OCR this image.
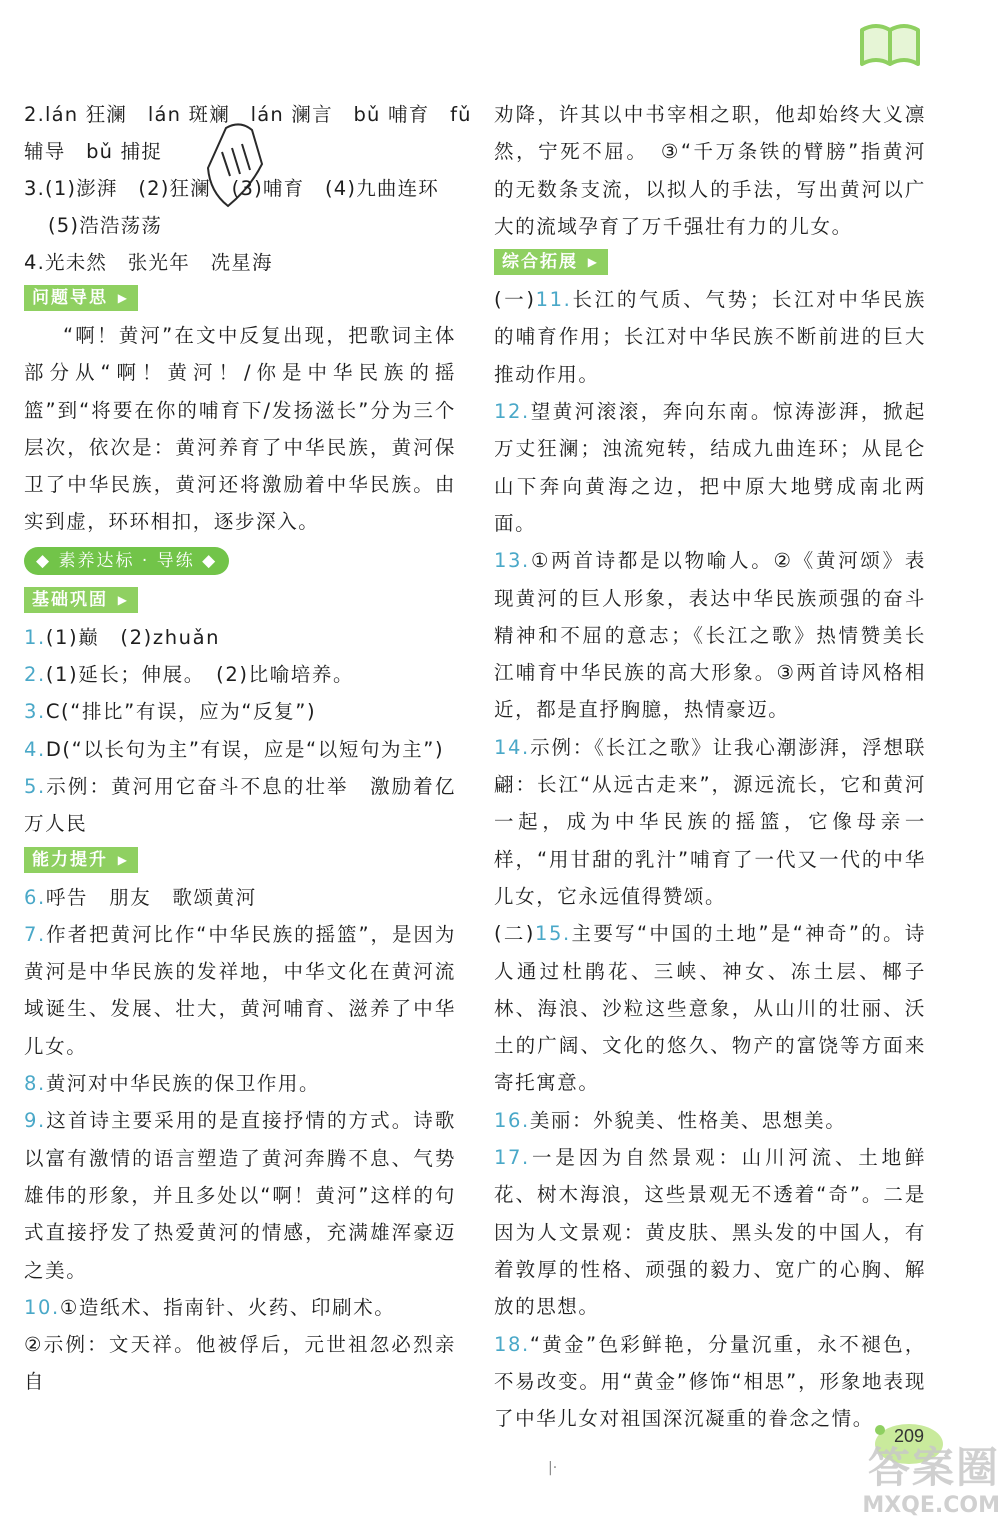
2.lán 狂澜　lán 斑斓　lán 澜言　bǔ 哺育　fǔ
辅导　bǔ 捕捉
3.(1)澎湃　(2)狂澜　(3)哺育　(4)九曲连环
(5)浩浩荡荡
4.光未然　张光年　冼星海
问题导思 ▶
“啊！黄河”在文中反复出现，把歌词主体部分从“啊！黄河！/你是中华民族的摇篮”到“将要在你的哺育下/发扬滋长”分为三个层次，依次是：黄河养育了中华民族，黄河保卫了中华民族，黄河还将激励着中华民族。由实到虚，环环相扣，逐步深入。
◆ 素养达标 · 导练 ◆
基础巩固 ▶
1.(1)巅　(2)zhuǎn
2.(1)延长；伸展。　(2)比喻培养。
3.C(“排比”有误，应为“反复”)
4.D(“以长句为主”有误，应是“以短句为主”)
5.示例：黄河用它奋斗不息的壮举　激励着亿万人民
能力提升 ▶
6.呼告　朋友　歌颂黄河
7.作者把黄河比作“中华民族的摇篮”，是因为黄河是中华民族的发祥地，中华文化在黄河流域诞生、发展、壮大，黄河哺育、滋养了中华儿女。
8.黄河对中华民族的保卫作用。
9.这首诗主要采用的是直接抒情的方式。诗歌以富有激情的语言塑造了黄河奔腾不息、气势雄伟的形象，并且多处以“啊！黄河”这样的句式直接抒发了热爱黄河的情感，充满雄浑豪迈之美。
10.①造纸术、指南针、火药、印刷术。
②示例：文天祥。他被俘后，元世祖忽必烈亲自
劝降，许其以中书宰相之职，他却始终大义凛然，宁死不屈。　③“千万条铁的臂膀”指黄河的无数条支流，以拟人的手法，写出黄河以广大的流域孕育了万千强壮有力的儿女。
综合拓展 ▶
(一)11.长江的气质、气势；长江对中华民族的哺育作用；长江对中华民族不断前进的巨大推动作用。
12.望黄河滚滚，奔向东南。惊涛澎湃，掀起万丈狂澜；浊流宛转，结成九曲连环；从昆仑山下奔向黄海之边，把中原大地劈成南北两面。
13.①两首诗都是以物喻人。②《黄河颂》表现黄河的巨人形象，表达中华民族顽强的奋斗精神和不屈的意志；《长江之歌》热情赞美长江哺育中华民族的高大形象。③两首诗风格相近，都是直抒胸臆，热情豪迈。
14.示例：《长江之歌》让我心潮澎湃，浮想联翩：长江“从远古走来”，源远流长，它和黄河一起，成为中华民族的摇篮，它像母亲一样，“用甘甜的乳汁”哺育了一代又一代的中华儿女，它永远值得赞颂。
(二)15.主要写“中国的土地”是“神奇”的。诗人通过杜鹃花、三峡、神女、冻土层、椰子林、海浪、沙粒这些意象，从山川的壮丽、沃土的广阔、文化的悠久、物产的富饶等方面来寄托寓意。
16.美丽：外貌美、性格美、思想美。
17.一是因为自然景观：山川河流、土地鲜花、树木海浪，这些景观无不透着“奇”。二是因为人文景观：黄皮肤、黑头发的中国人，有着敦厚的性格、顽强的毅力、宽广的心胸、解放的思想。
18.“黄金”色彩鲜艳，分量沉重，永不褪色，不易改变。用“黄金”修饰“相思”，形象地表现了中华儿女对祖国深沉凝重的眷念之情。
|·
209
答案圈
MXQE.COM
